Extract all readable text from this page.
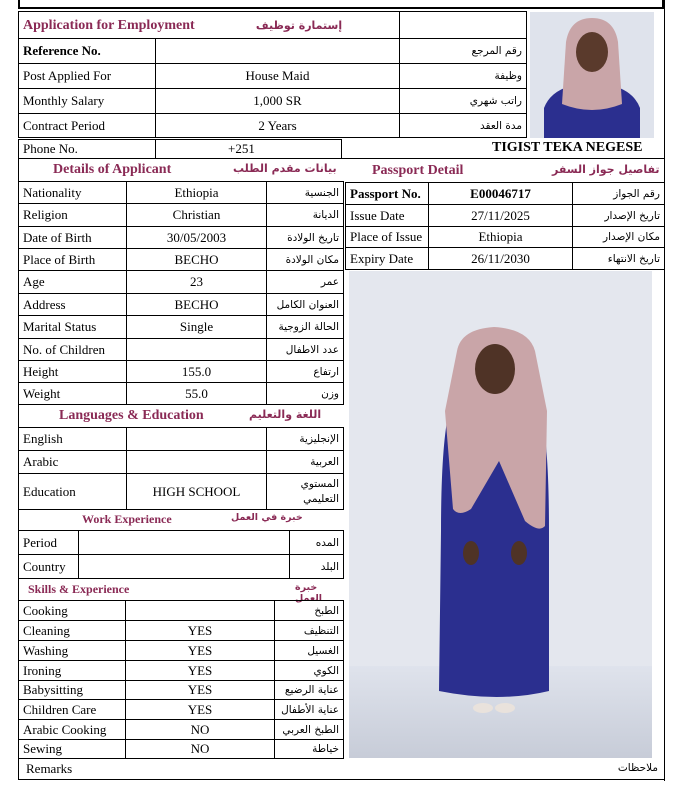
Application for Employment إستمارة توظيف		
Reference No.		رقم المرجع
Post Applied For	House Maid	وظيفة
Monthly Salary	1,000 SR	راتب شهري
Contract Period	2 Years	مدة العقد
Phone No.	+251	TIGIST TEKA NEGESE
Details of Applicant	بيانات مقدم الطلب
Nationality	Ethiopia	الجنسية
Religion	Christian	الديانة
Date of Birth	30/05/2003	تاريخ الولادة
Place of Birth	BECHO	مكان الولادة
Age	23	عمر
Address	BECHO	العنوان الكامل
Marital Status	Single	الحالة الزوجية
No. of Children		عدد الاطفال
Height	155.0	ارتفاع
Weight	55.0	وزن
Languages & Education	اللغة والتعليم
English		الإنجليزية
Arabic		العربية
Education	HIGH SCHOOL	المستوي التعليمي
Work Experience	خبرة في العمل
Period		المده
Country		البلد
Skills & Experience	خبرة العمل
Cooking		الطبخ
Cleaning	YES	التنظيف
Washing	YES	الغسيل
Ironing	YES	الكوي
Babysitting	YES	عناية الرضيع
Children Care	YES	عناية الأطفال
Arabic Cooking	NO	الطبخ العربي
Sewing	NO	خياطة
Remarks	ملاحظات
Passport Detail	تفاصيل جواز السفر
Passport No.	E00046717	رقم الجواز
Issue Date	27/11/2025	تاريخ الإصدار
Place of Issue	Ethiopia	مكان الإصدار
Expiry Date	26/11/2030	تاريخ الانتهاء
